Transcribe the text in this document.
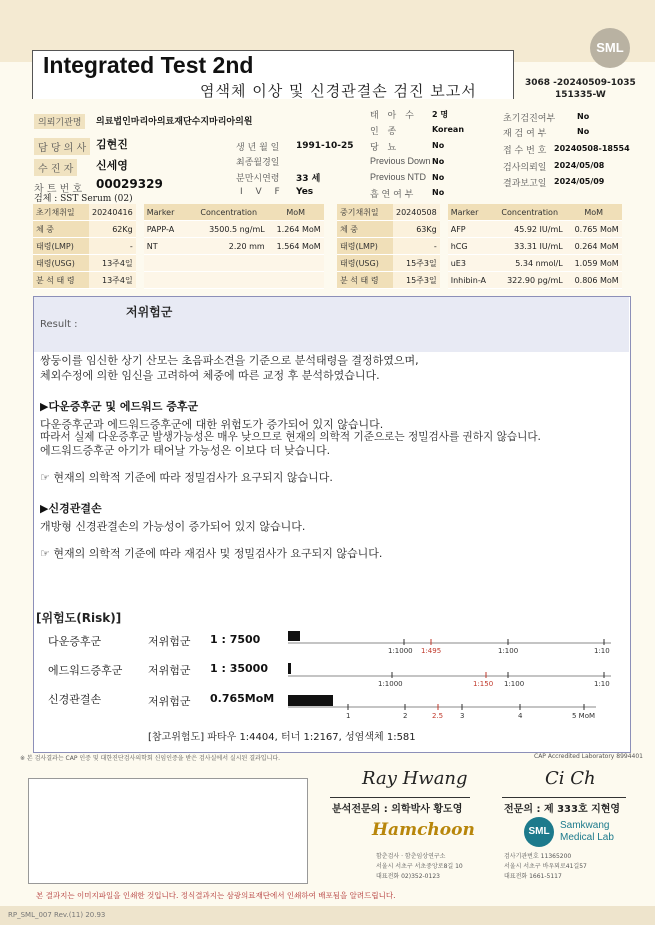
SML
Integrated Test 2nd
염색체 이상 및 신경관결손 검진 보고서	3068 -20240509-1035
151335-W
의뢰기관명	의료법인마리아의료재단수지마리아의원
담 당 의 사 김현진
수 진 자	신세영
차 트 번 호 00029329
검체 : SST Serum (02)
생 년 월 일 1991-10-25
최종월경일
분만시연령 33 세
I V F Yes
태 아 수 2 명
인 종	Korean
당 뇨	No
Previous Down No
Previous NTD No
흡 연 여 부 No
초기검진여부	No
재 검 여 부	No
접 수 번 호 20240508-18554
검사의뢰일 2024/05/08
결과보고일 2024/05/09
초기채취일	20240416
체 중	62Kg
태령(LMP)	-
태령(USG)	13주4일
분 석 태 령	13주4일
Marker	Concentration	MoM
PAPP-A	3500.5 ng/mL	1.264 MoM
NT	2.20 mm	1.564 MoM

중기채취일	20240508
체 중	63Kg
태령(LMP)	-
태령(USG)	15주3일
분 석 태 령	15주3일
Marker	Concentration	MoM
AFP	45.92 IU/mL	0.765 MoM
hCG	33.31 IU/mL	0.264 MoM
uE3	5.34 nmol/L	1.059 MoM
Inhibin-A	322.90 pg/mL	0.806 MoM
Result :
저위험군
쌍둥이를 임신한 상기 산모는 초음파소견을 기준으로 분석태령을 결정하였으며,
체외수정에 의한 임신을 고려하여 체중에 따른 교정 후 분석하였습니다.
▶다운증후군 및 에드워드 증후군
다운증후군과 에드워드증후군에 대한 위험도가 증가되어 있지 않습니다.
따라서 실제 다운증후군 발생가능성은 매우 낮으므로 현재의 의학적 기준으로는 정밀검사를 권하지 않습니다.
에드워드증후군 아기가 태어날 가능성은 이보다 더 낮습니다.
☞ 현재의 의학적 기준에 따라 정밀검사가 요구되지 않습니다.
▶신경관결손
개방형 신경관결손의 가능성이 증가되어 있지 않습니다.
☞ 현재의 의학적 기준에 따라 재검사 및 정밀검사가 요구되지 않습니다.
[위험도(Risk)]
다운증후군	저위험군 1 : 7500
에드워드증후군 저위험군 1 : 35000
신경관결손	저위험군 0.765MoM
1:1000 1:495	1:100	1:10
1:1000	1:150 1:100	1:10
1	2	2.5 3	4	5 MoM
[참고위험도] 파타우 1:4404, 터너 1:2167, 성염색체 1:581
※ 본 검사결과는 CAP 인증 및 대한진단검사의학회 신임인증을 받은 검사실에서 실시된 결과입니다.	CAP Accredited Laboratory 8994401
Ray Hwang
분석전문의 : 의학박사 황도영
Hamchoon
함춘검사 · 함춘임상연구소
서울시 서초구 서초중앙로8길 10
대표전화 02)352-0123
Ci Ch
전문의 : 제 333호 지현영
SML
Samkwang
Medical Lab
검사기관번호 11365200
서울시 서초구 바우뫼로41길57
대표전화 1661-5117
본 결과지는 이미지파일을 인쇄한 것입니다. 정식결과지는 삼광의료재단에서 인쇄하여 배포됨을 알려드립니다.
RP_SML_007 Rev.(11) 20.93
